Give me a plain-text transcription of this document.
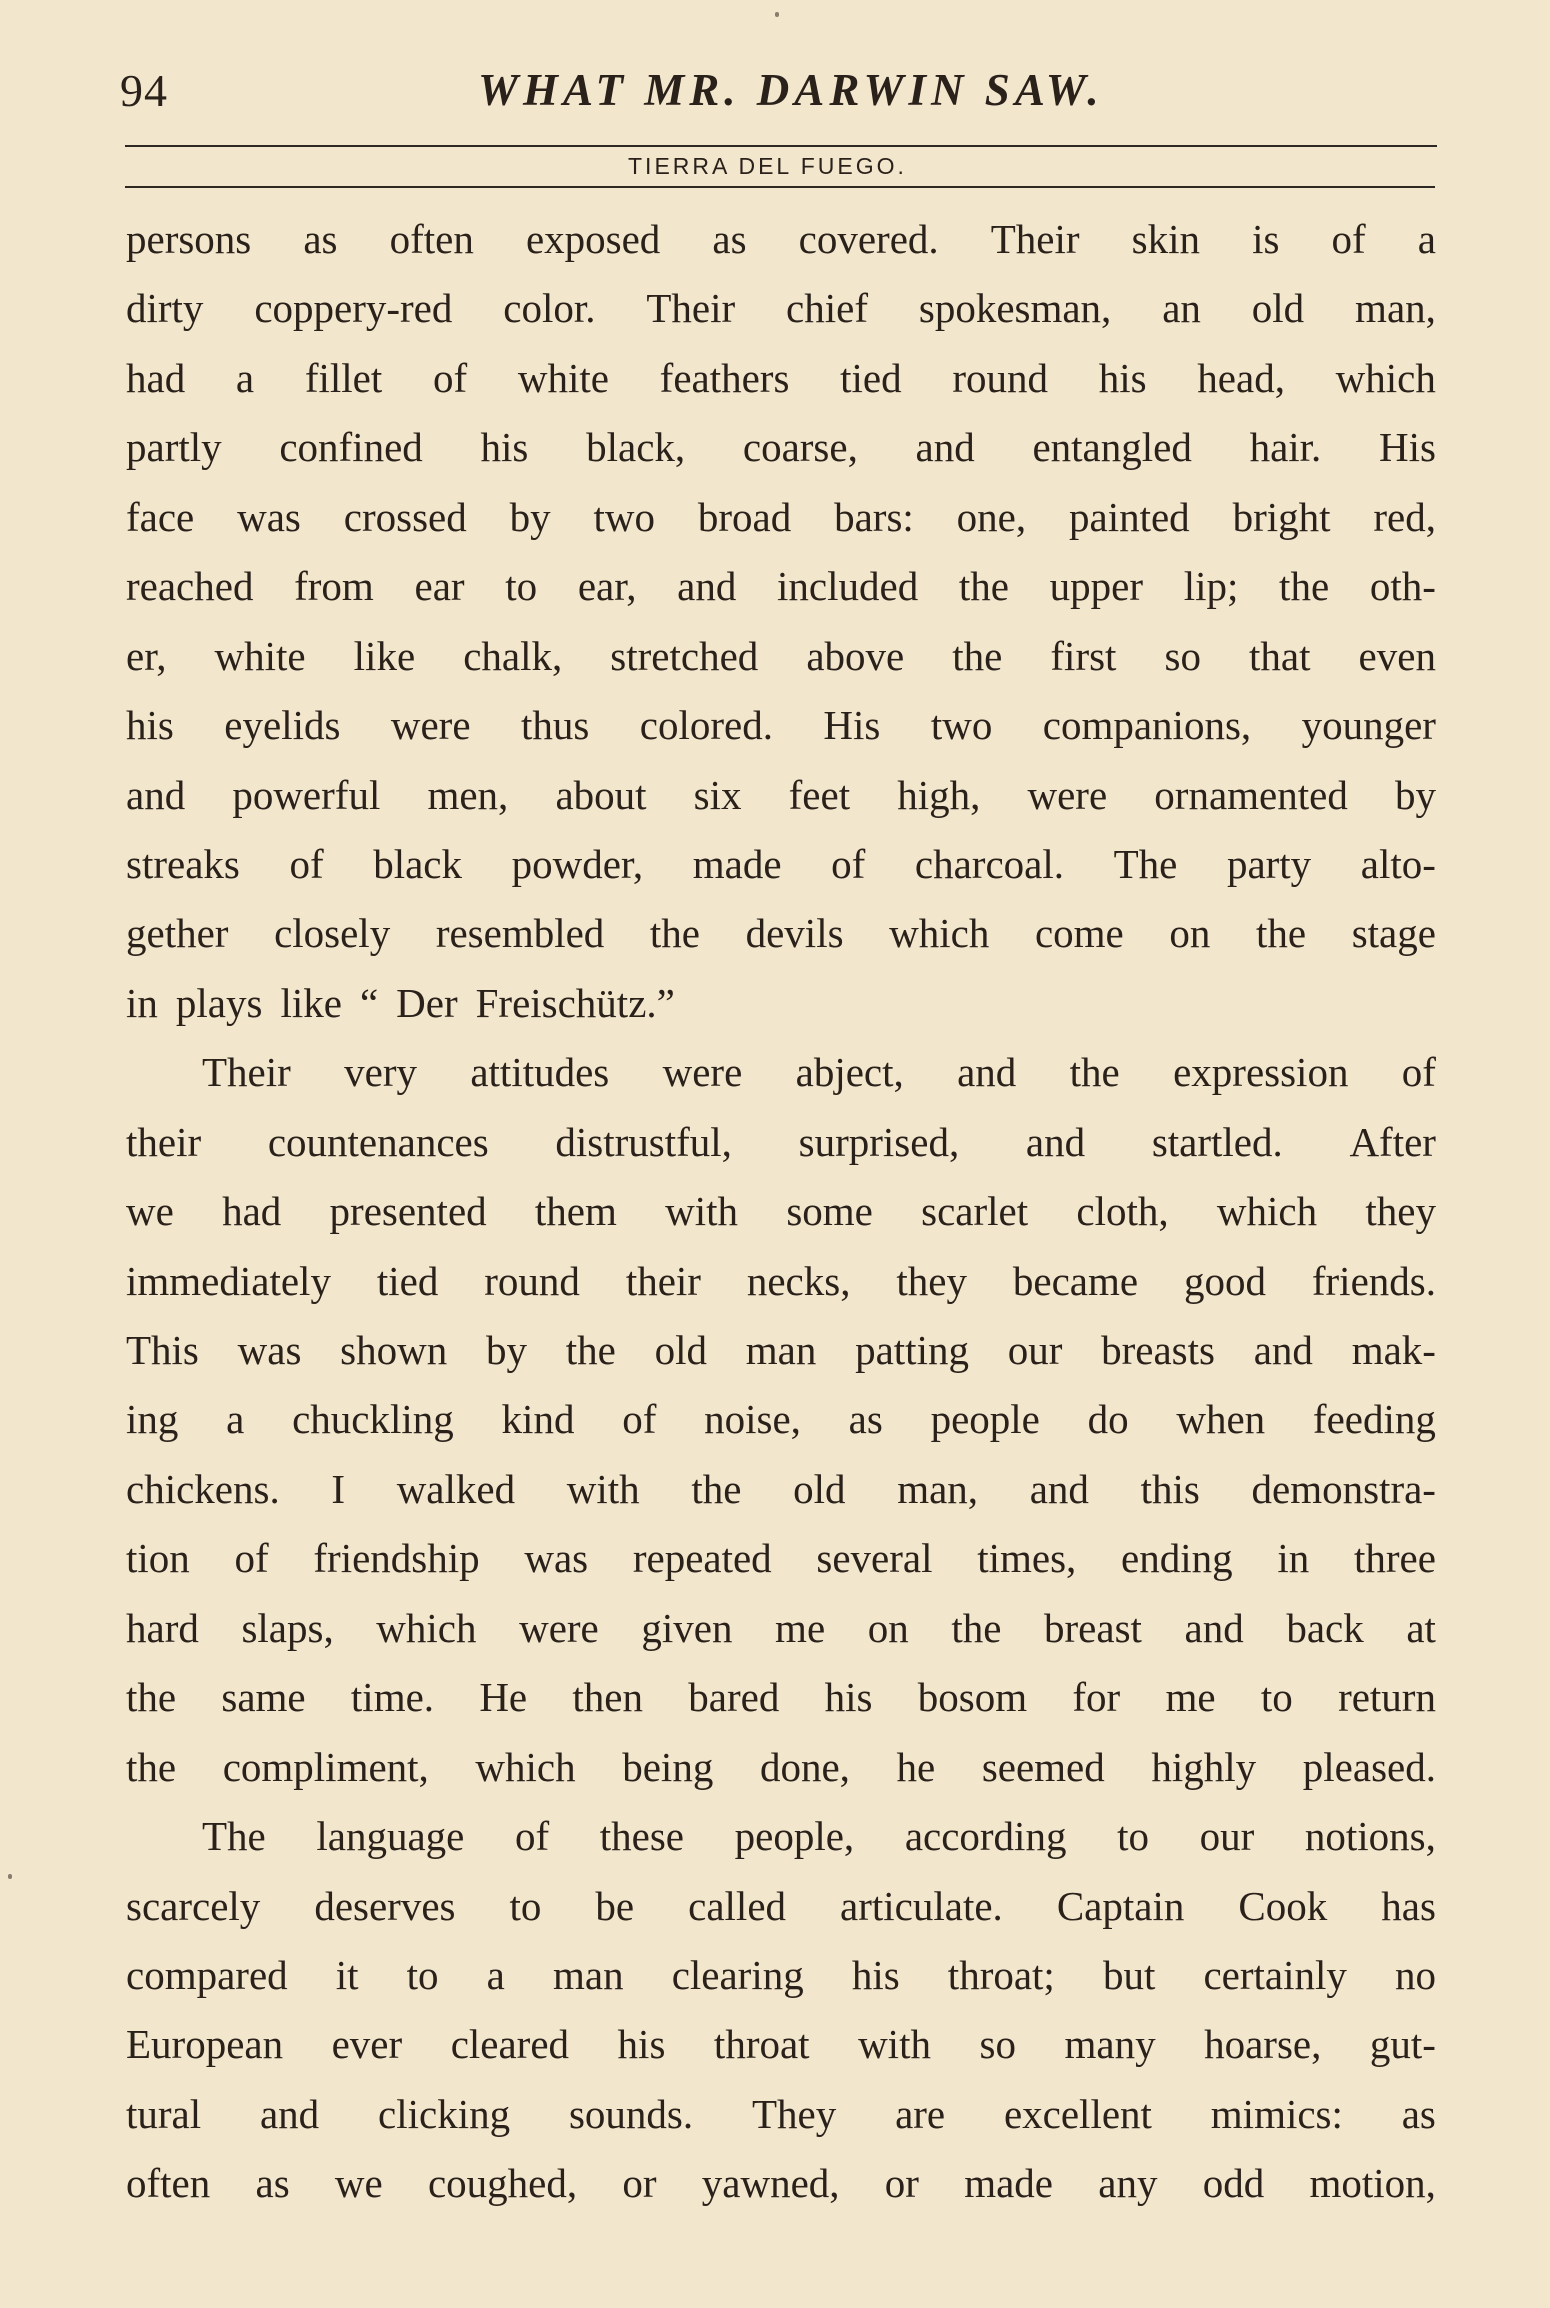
94	WHAT MR. DARWIN SAW.
TIERRA DEL FUEGO.
persons as often exposed as covered. Their skin is of a
dirty coppery-red color. Their chief spokesman, an old man,
had a fillet of white feathers tied round his head, which
partly confined his black, coarse, and entangled hair. His
face was crossed by two broad bars: one, painted bright red,
reached from ear to ear, and included the upper lip; the oth-
er, white like chalk, stretched above the first so that even
his eyelids were thus colored. His two companions, younger
and powerful men, about six feet high, were ornamented by
streaks of black powder, made of charcoal. The party alto-
gether closely resembled the devils which come on the stage
in plays like “ Der Freischütz.”
Their very attitudes were abject, and the expression of
their countenances distrustful, surprised, and startled. After
we had presented them with some scarlet cloth, which they
immediately tied round their necks, they became good friends.
This was shown by the old man patting our breasts and mak-
ing a chuckling kind of noise, as people do when feeding
chickens. I walked with the old man, and this demonstra-
tion of friendship was repeated several times, ending in three
hard slaps, which were given me on the breast and back at
the same time. He then bared his bosom for me to return
the compliment, which being done, he seemed highly pleased.
The language of these people, according to our notions,
scarcely deserves to be called articulate. Captain Cook has
compared it to a man clearing his throat; but certainly no
European ever cleared his throat with so many hoarse, gut-
tural and clicking sounds. They are excellent mimics: as
often as we coughed, or yawned, or made any odd motion,
